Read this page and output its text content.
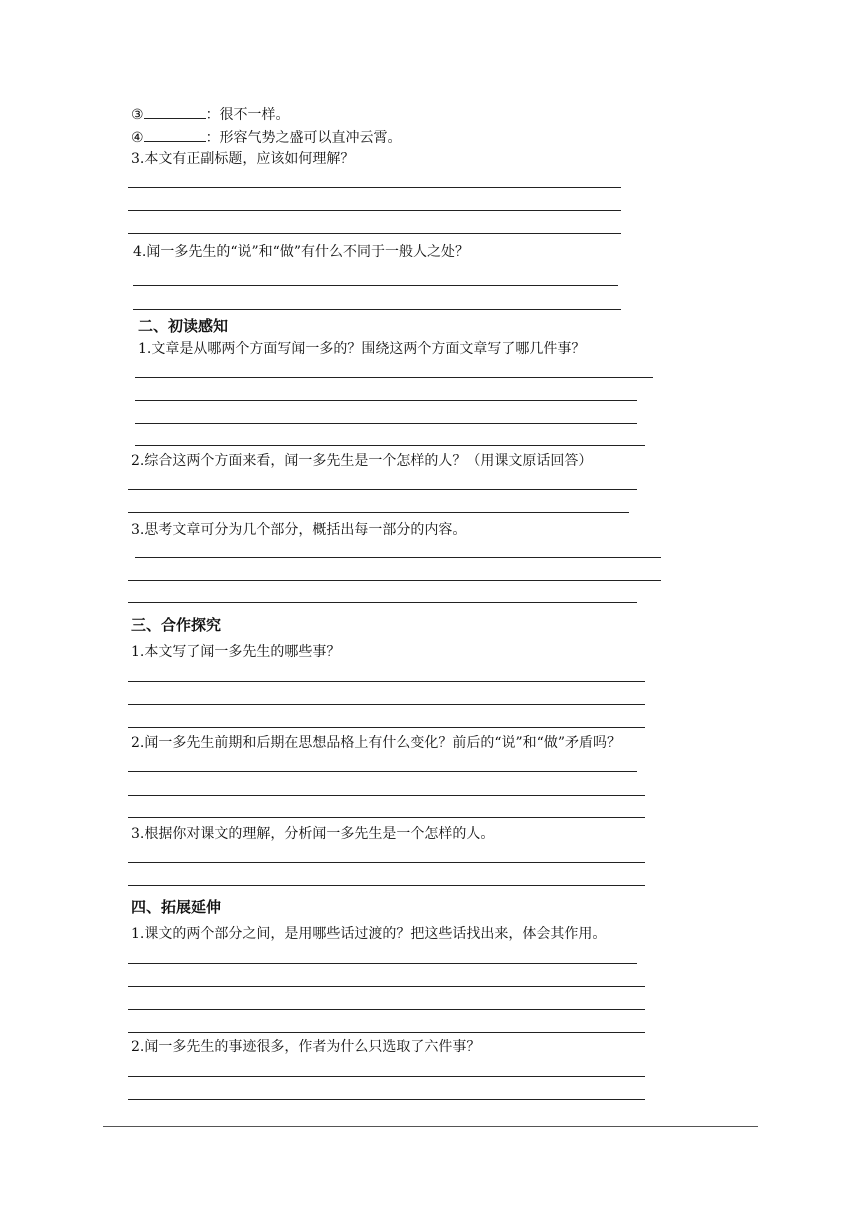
③	：很不一样。
④	：形容气势之盛可以直冲云霄。
3.本文有正副标题，应该如何理解？
4.闻一多先生的“说”和“做”有什么不同于一般人之处？
二、初读感知
1.文章是从哪两个方面写闻一多的？围绕这两个方面文章写了哪几件事？
2.综合这两个方面来看，闻一多先生是一个怎样的人？（用课文原话回答）
3.思考文章可分为几个部分，概括出每一部分的内容。
三、合作探究
1.本文写了闻一多先生的哪些事？
2.闻一多先生前期和后期在思想品格上有什么变化？前后的“说”和“做”矛盾吗？
3.根据你对课文的理解，分析闻一多先生是一个怎样的人。
四、拓展延伸
1.课文的两个部分之间，是用哪些话过渡的？把这些话找出来，体会其作用。
2.闻一多先生的事迹很多，作者为什么只选取了六件事？
